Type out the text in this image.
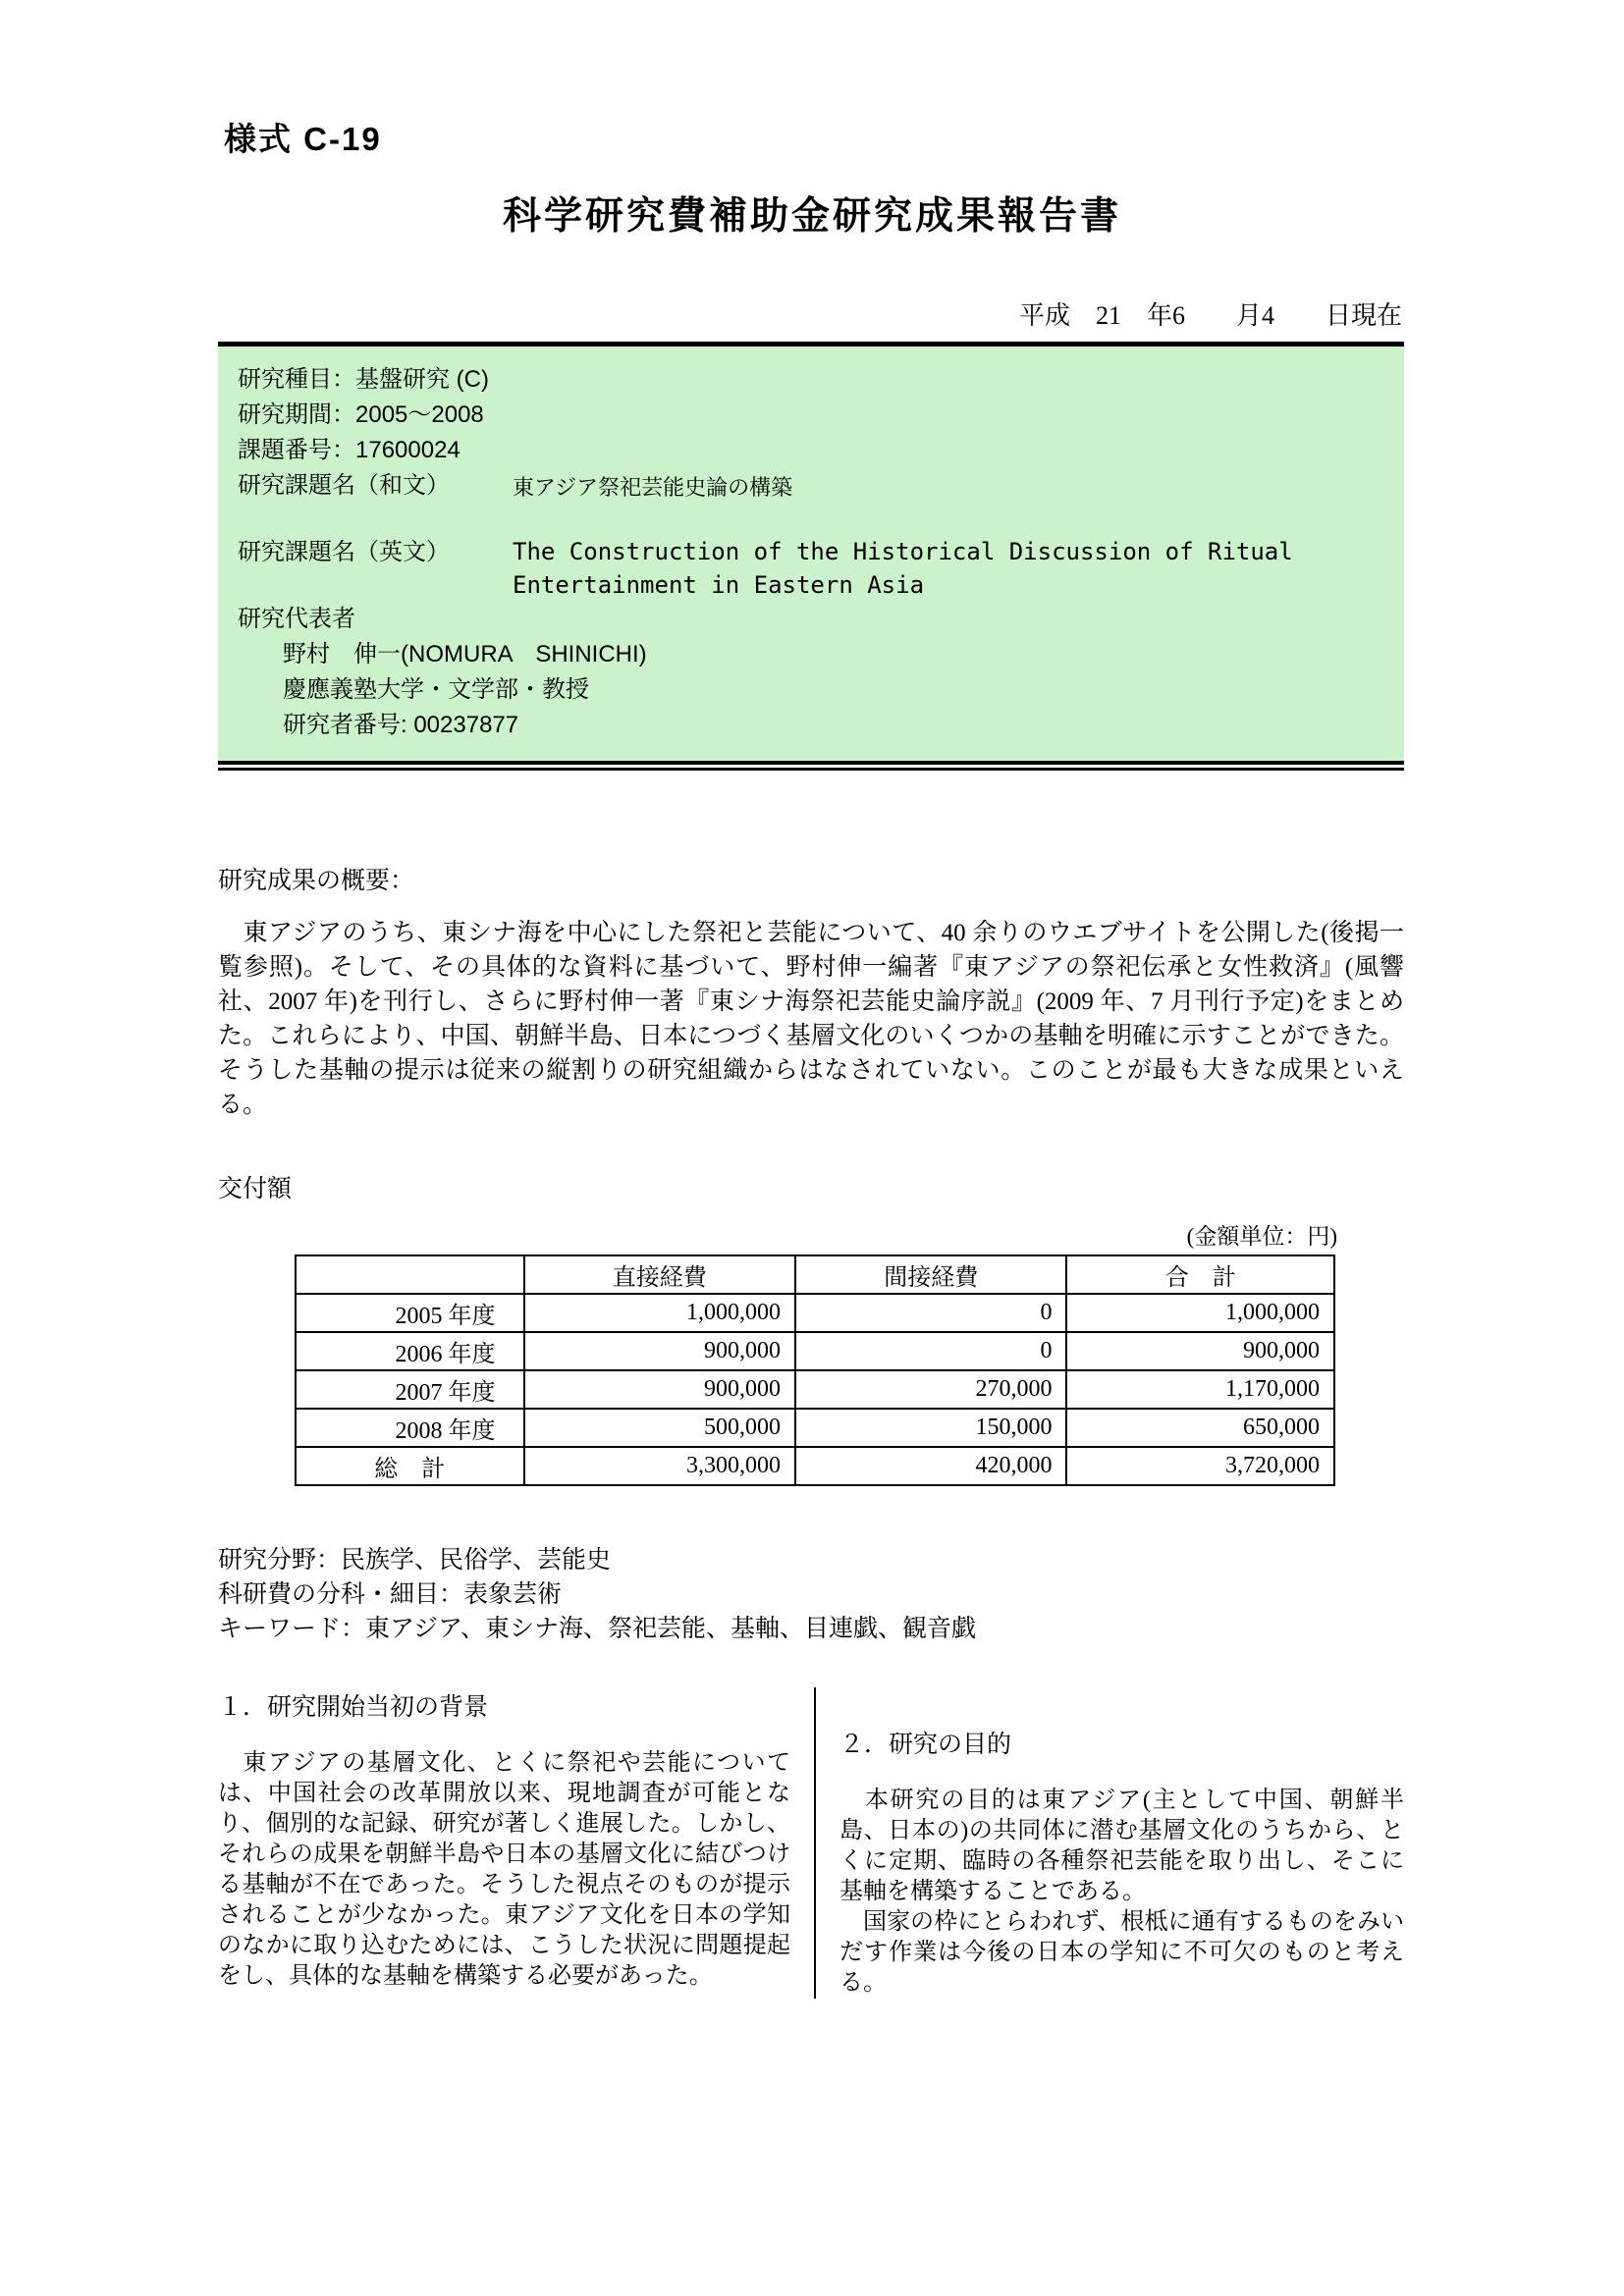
様式 C-19
科学研究費補助金研究成果報告書
平成　21　年6　　月4　　日現在
研究種目：基盤研究 (C)
研究期間：2005～2008
課題番号：17600024
研究課題名（和文）	東アジア祭祀芸能史論の構築
研究課題名（英文）	The Construction of the Historical Discussion of Ritual
Entertainment in Eastern Asia
研究代表者
野村　伸一(NOMURA　SHINICHI)
慶應義塾大学・文学部・教授
研究者番号: 00237877
研究成果の概要：
　東アジアのうち、東シナ海を中心にした祭祀と芸能について、40 余りのウエブサイトを公開した(後掲一覧参照)。そして、その具体的な資料に基づいて、野村伸一編著『東アジアの祭祀伝承と女性救済』(風響社、2007 年)を刊行し、さらに野村伸一著『東シナ海祭祀芸能史論序説』(2009 年、7 月刊行予定)をまとめた。これらにより、中国、朝鮮半島、日本につづく基層文化のいくつかの基軸を明確に示すことができた。そうした基軸の提示は従来の縦割りの研究組織からはなされていない。このことが最も大きな成果といえる。
交付額
(金額単位：円)
	直接経費	間接経費	合　計
2005 年度	1,000,000	0	1,000,000
2006 年度	900,000	0	900,000
2007 年度	900,000	270,000	1,170,000
2008 年度	500,000	150,000	650,000
総　計	3,300,000	420,000	3,720,000
研究分野：民族学、民俗学、芸能史
科研費の分科・細目：表象芸術
キーワード：東アジア、東シナ海、祭祀芸能、基軸、目連戯、観音戯
１．研究開始当初の背景

　東アジアの基層文化、とくに祭祀や芸能については、中国社会の改革開放以来、現地調査が可能となり、個別的な記録、研究が著しく進展した。しかし、それらの成果を朝鮮半島や日本の基層文化に結びつける基軸が不在であった。そうした視点そのものが提示されることが少なかった。東アジア文化を日本の学知のなかに取り込むためには、こうした状況に問題提起をし、具体的な基軸を構築する必要があった。

２．研究の目的

　本研究の目的は東アジア(主として中国、朝鮮半島、日本の)の共同体に潜む基層文化のうちから、とくに定期、臨時の各種祭祀芸能を取り出し、そこに基軸を構築することである。

　国家の枠にとらわれず、根柢に通有するものをみいだす作業は今後の日本の学知に不可欠のものと考える。
